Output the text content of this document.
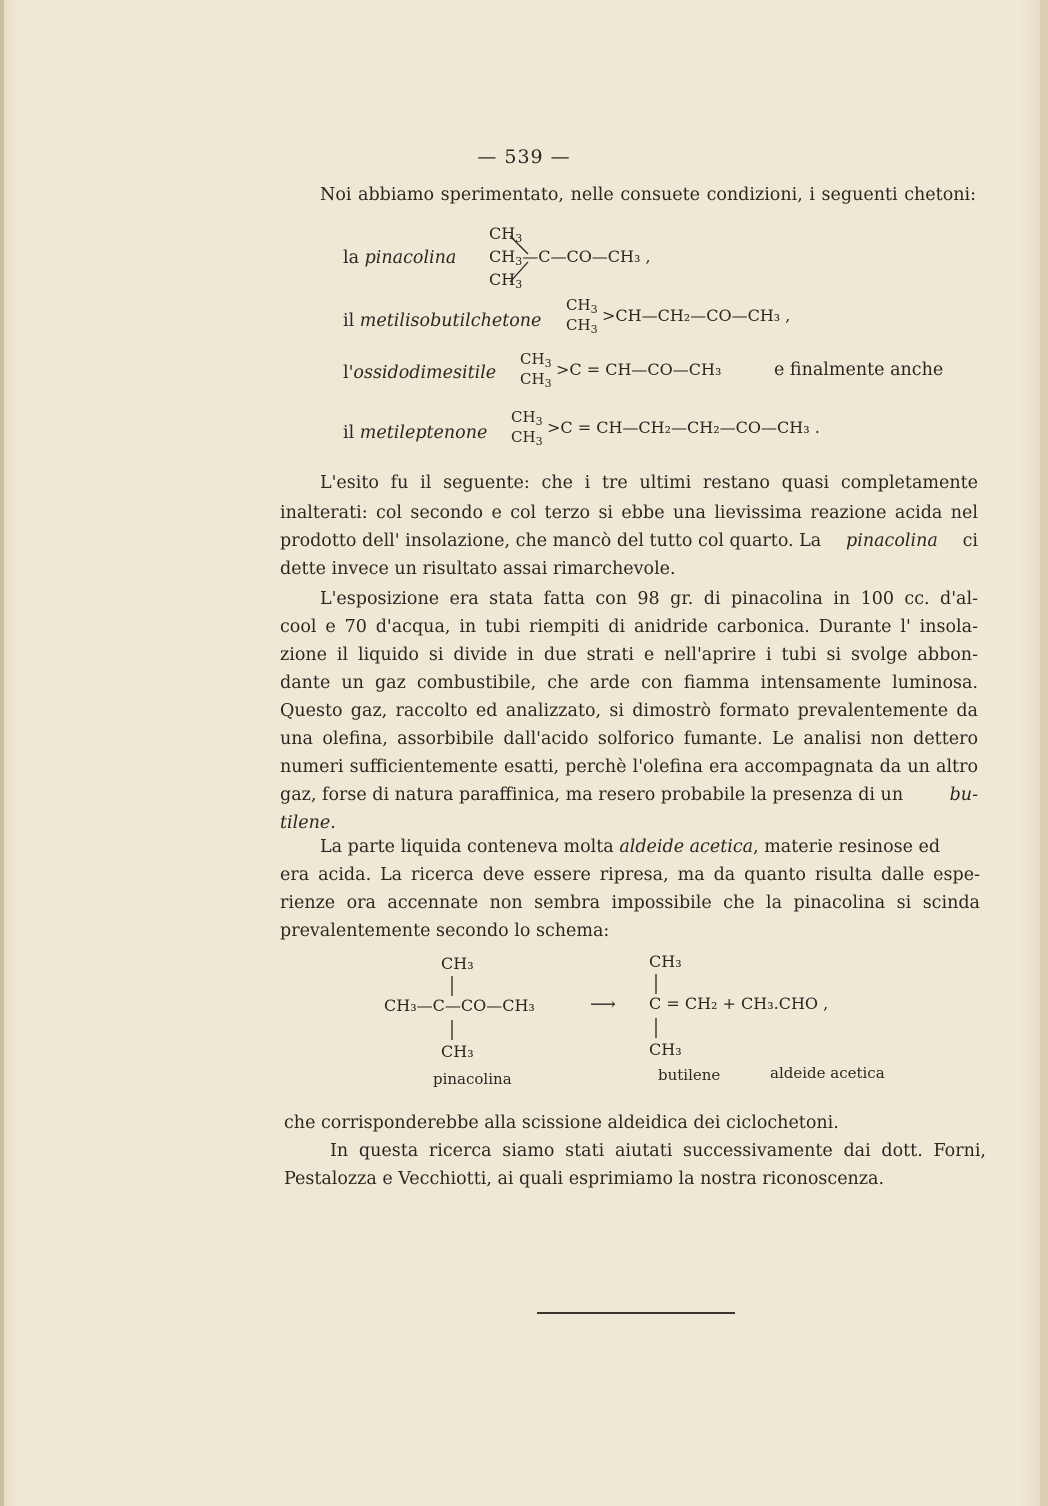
— 539 —
Noi abbiamo sperimentato, nelle consuete condizioni, i seguenti chetoni:
$CH_3$
la pinacolina $CH_3—C—CO—CH_3$ ,
$CH_3$
il metilisobutilchetone
$CH_3$
$CH_3$
>CH—CH₂—CO—CH₃ ,
l'ossidodimesitile
$CH_3$
$CH_3$
>C = CH—CO—CH₃	e finalmente anche
il metileptenone
$CH_3$
$CH_3$
>C = CH—CH₂—CH₂—CO—CH₃ .
L'esito fu il seguente: che i tre ultimi restano quasi completamente
inalterati: col secondo e col terzo si ebbe una lievissima reazione acida nel
prodotto dell' insolazione, che mancò del tutto col quarto. La pinacolina ci
dette invece un risultato assai rimarchevole.
L'esposizione era stata fatta con 98 gr. di pinacolina in 100 cc. d'al-
cool e 70 d'acqua, in tubi riempiti di anidride carbonica. Durante l' insola-
zione il liquido si divide in due strati e nell'aprire i tubi si svolge abbon-
dante un gaz combustibile, che arde con fiamma intensamente luminosa.
Questo gaz, raccolto ed analizzato, si dimostrò formato prevalentemente da
una olefina, assorbibile dall'acido solforico fumante. Le analisi non dettero
numeri sufficientemente esatti, perchè l'olefina era accompagnata da un altro
gaz, forse di natura paraffinica, ma resero probabile la presenza di un	bu-
tilene.
La parte liquida conteneva molta
aldeide acetica , materie resinose ed
era acida. La ricerca deve essere ripresa, ma da quanto risulta dalle espe-
rienze ora accennate non sembra impossibile che la pinacolina si scinda
prevalentemente secondo lo schema:
CH₃	CH₃
CH₃—C—CO—CH₃	⟶ C = CH₂ + CH₃.CHO ,
CH₃	CH₃
pinacolina	butilene	aldeide acetica
che corrisponderebbe alla scissione aldeidica dei ciclochetoni.
In questa ricerca siamo stati aiutati successivamente dai dott. Forni,
Pestalozza e Vecchiotti, ai quali esprimiamo la nostra riconoscenza.
